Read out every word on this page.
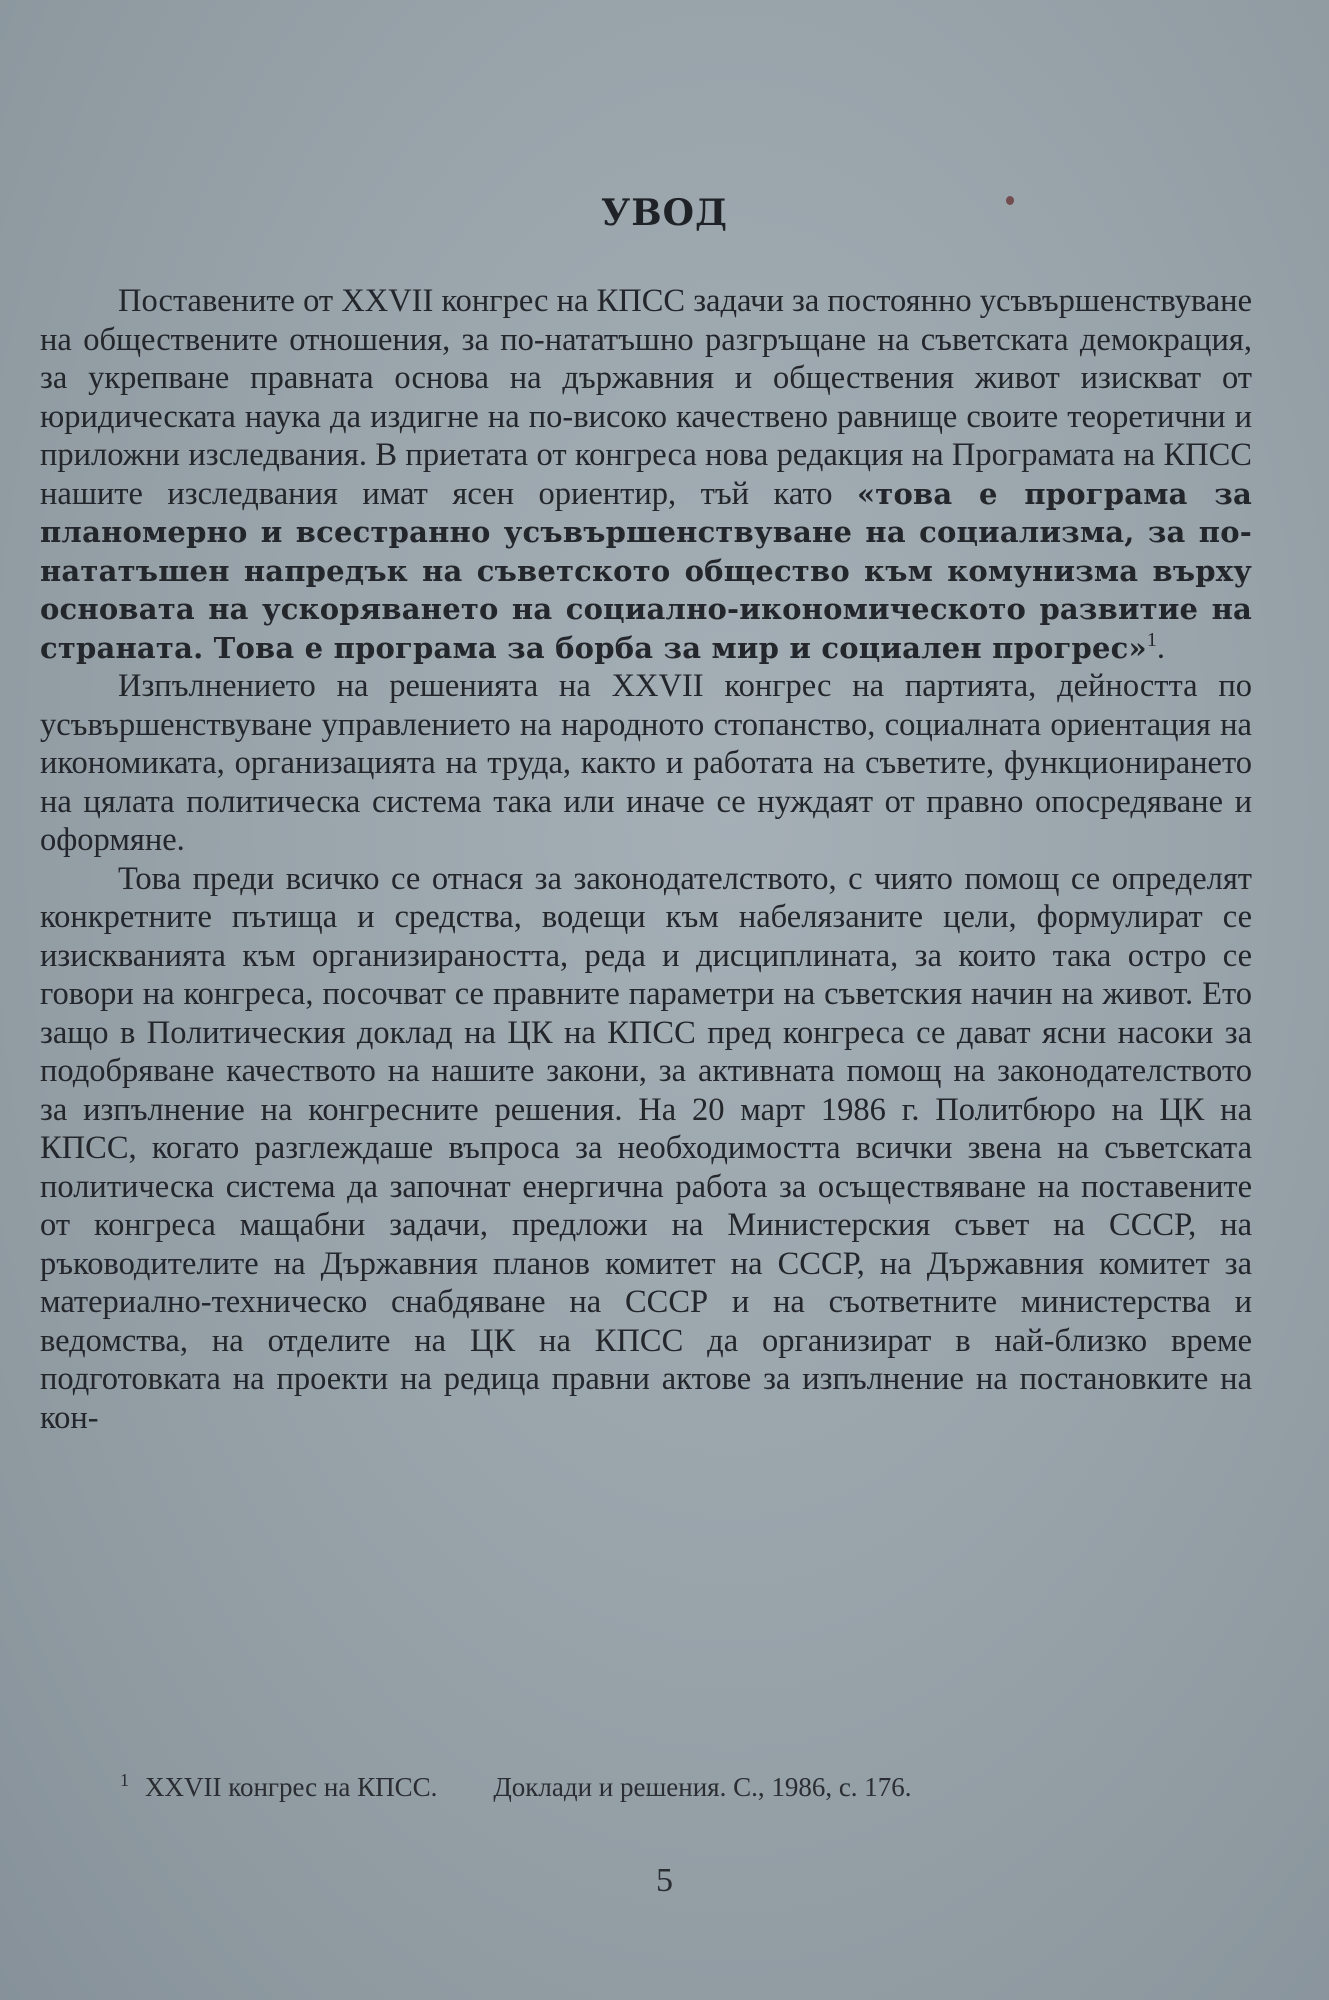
УВОД

Поставените от XXVII конгрес на КПСС задачи за постоянно усъвършенствуване на обществените отношения, за по-нататъшно разгръщане на съветската демокрация, за укрепване правната основа на държавния и обществения живот изискват от юридическата наука да издигне на по-високо качествено равнище своите теоретични и приложни изследвания. В приетата от конгреса нова редакция на Програмата на КПСС нашите изследвания имат ясен ориентир, тъй като «това е програма за планомерно и всестранно усъвършенствуване на социализма, за по-нататъшен напредък на съветското общество към комунизма върху основата на ускоряването на социално-икономическото развитие на страната. Това е програма за борба за мир и социален прогрес»$^1$.

Изпълнението на решенията на XXVII конгрес на партията, дейността по усъвършенствуване управлението на народното стопанство, социалната ориентация на икономиката, организацията на труда, както и работата на съветите, функционирането на цялата политическа система така или иначе се нуждаят от правно опосредяване и оформяне.

Това преди всичко се отнася за законодателството, с чиято помощ се определят конкретните пътища и средства, водещи към набелязаните цели, формулират се изискванията към организираността, реда и дисциплината, за които така остро се говори на конгреса, посочват се правните параметри на съветския начин на живот. Ето защо в Политическия доклад на ЦК на КПСС пред конгреса се дават ясни насоки за подобряване качеството на нашите закони, за активната помощ на законодателството за изпълнение на конгресните решения. На 20 март 1986 г. Политбюро на ЦК на КПСС, когато разглеждаше въпроса за необходимостта всички звена на съветската политическа система да започнат енергична работа за осъществяване на поставените от конгреса мащабни задачи, предложи на Министерския съвет на СССР, на ръководителите на Държавния планов комитет на СССР, на Държавния комитет за материално-техническо снабдяване на СССР и на съответните министерства и ведомства, на отделите на ЦК на КПСС да организират в най-близко време подготовката на проекти на редица правни актове за изпълнение на постановките на кон-

$^1$ XXVII конгрес на КПСС. Доклади и решения. С., 1986, с. 176.
5
